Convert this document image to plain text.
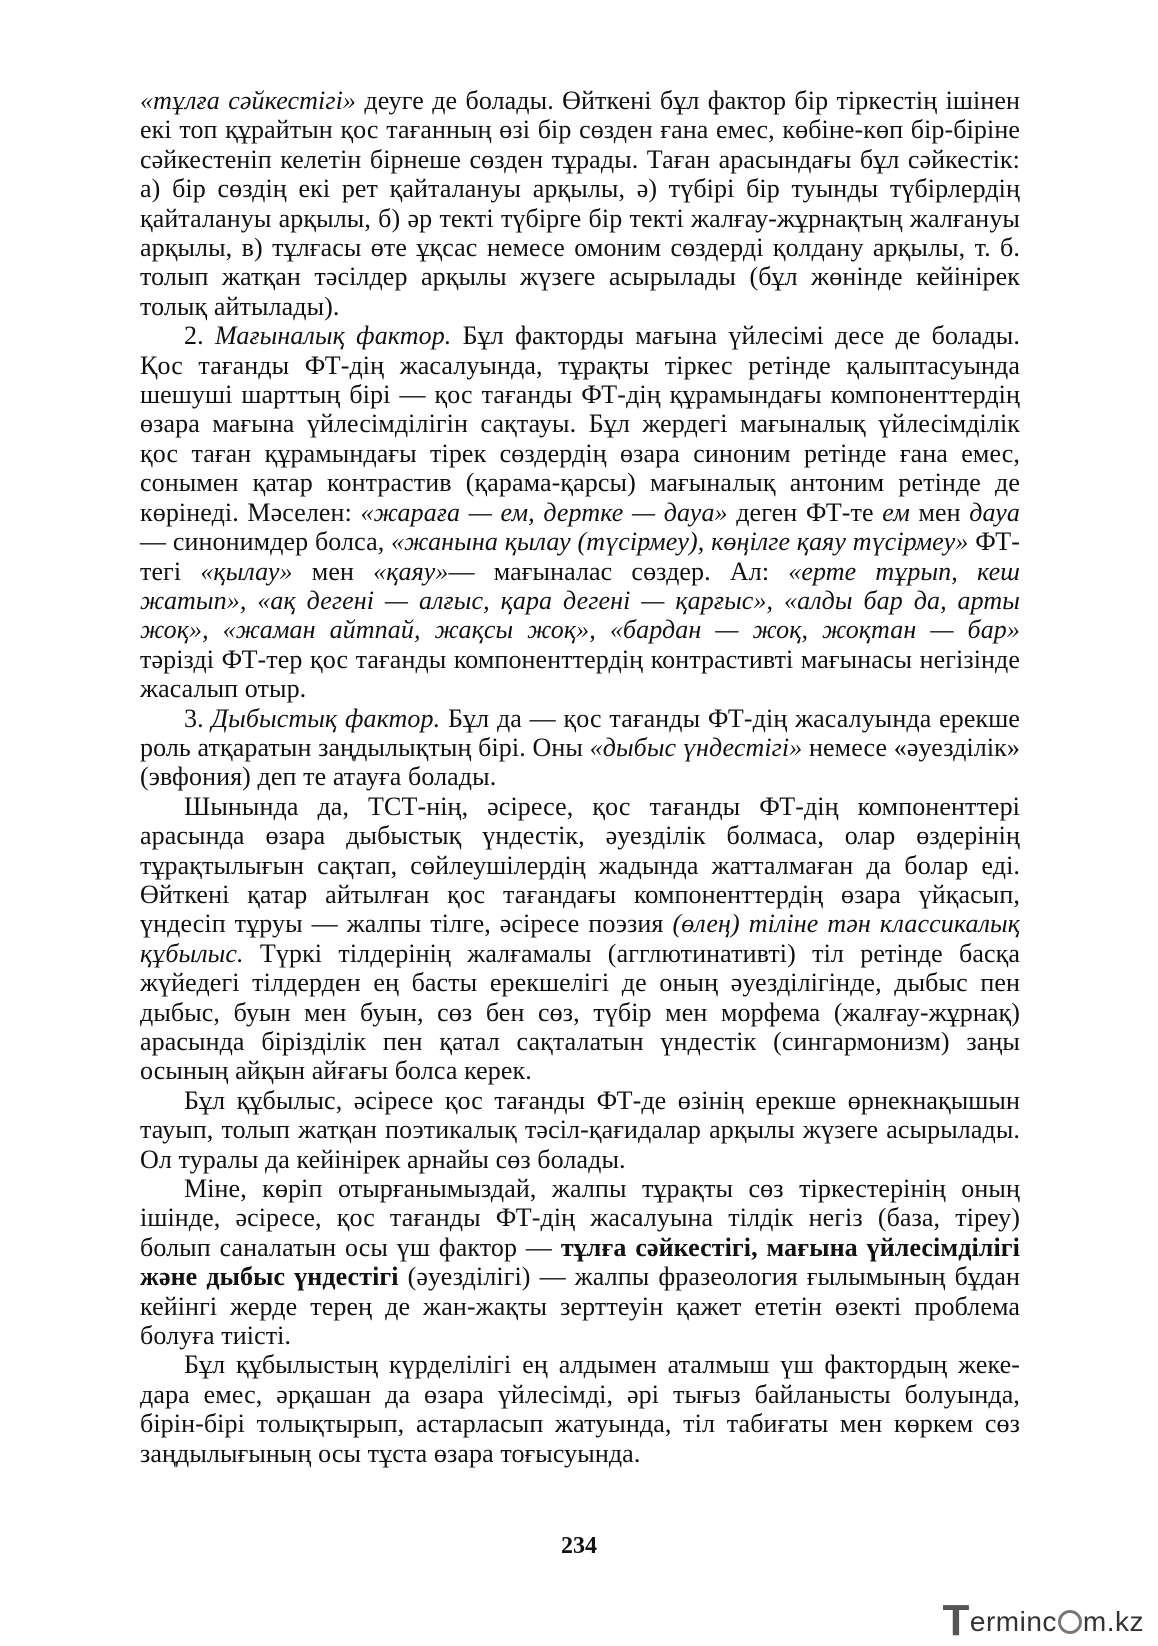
«тұлға сәйкестігі» деуге де болады. Өйткені бұл фактор бір тіркестің ішінен екі топ құрайтын қос тағанның өзі бір сөзден ғана емес, көбіне-көп бір-біріне сәйкестеніп келетін бірнеше сөзден тұрады. Таған арасындағы бұл сәйкестік: а) бір сөздің екі рет қайталануы арқылы, ә) түбірі бір туынды түбірлердің қайталануы арқылы, б) әр текті түбірге бір текті жалғау-жұрнақтың жалғануы арқылы, в) тұлғасы өте ұқсас немесе омоним сөздерді қолдану арқылы, т. б. толып жатқан тәсілдер арқылы жүзеге асырылады (бұл жөнінде кейінірек толық айтылады).

2. Мағыналық фактор. Бұл факторды мағына үйлесімі десе де болады. Қос тағанды ФТ-дің жасалуында, тұрақты тіркес ретінде қалыптасуында шешуші шарттың бірі — қос тағанды ФТ-дің құрамындағы компоненттердің өзара мағына үйлесімділігін сақтауы. Бұл жердегі мағыналық үйлесімділік қос таған құрамындағы тірек сөздердің өзара синоним ретінде ғана емес, сонымен қатар контрастив (қарама-қарсы) мағыналық антоним ретінде де көрінеді. Мәселен: «жараға — ем, дертке — дауа» деген ФТ-те ем мен дауа — синонимдер болса, «жанына қылау (түсірмеу), көңілге қаяу түсірмеу» ФТ-тегі «қылау» мен «қаяу»— мағыналас сөздер. Ал: «ерте тұрып, кеш жатып», «ақ дегені — алғыс, қара дегені — қарғыс», «алды бар да, арты жоқ», «жаман айтпай, жақсы жоқ», «бардан — жоқ, жоқтан — бар» тәрізді ФТ-тер қос тағанды компоненттердің контрастивті мағынасы негізінде жасалып отыр.

3. Дыбыстық фактор. Бұл да — қос тағанды ФТ-дің жасалуында ерекше роль атқаратын заңдылықтың бірі. Оны «дыбыс үндестігі» немесе «әуезділік» (эвфония) деп те атауға болады.

Шынында да, ТСТ-нің, әсіресе, қос тағанды ФТ-дің компоненттері арасында өзара дыбыстық үндестік, әуезділік болмаса, олар өздерінің тұрақтылығын сақтап, сөйлеушілердің жадында жатталмаған да болар еді. Өйткені қатар айтылған қос тағандағы компоненттердің өзара үйқасып, үндесіп тұруы — жалпы тілге, әсіресе поэзия (өлең) тіліне тән классикалық құбылыс. Түркі тілдерінің жалғамалы (агглютинативті) тіл ретінде басқа жүйедегі тілдерден ең басты ерекшелігі де оның әуезділігінде, дыбыс пен дыбыс, буын мен буын, сөз бен сөз, түбір мен морфема (жалғау-жұрнақ) арасында бірізділік пен қатал сақталатын үндестік (сингармонизм) заңы осының айқын айғағы болса керек.

Бұл құбылыс, әсіресе қос тағанды ФТ-де өзінің ерекше өрнекнақышын тауып, толып жатқан поэтикалық тәсіл-қағидалар арқылы жүзеге асырылады. Ол туралы да кейінірек арнайы сөз болады.

Міне, көріп отырғанымыздай, жалпы тұрақты сөз тіркестерінің оның ішінде, әсіресе, қос тағанды ФТ-дің жасалуына тілдік негіз (база, тіреу) болып саналатын осы үш фактор — тұлға сәйкестігі, мағына үйлесімділігі және дыбыс үндестігі (әуезділігі) — жалпы фразеология ғылымының бұдан кейінгі жерде терең де жан-жақты зерттеуін қажет ететін өзекті проблема болуға тиісті.

Бұл құбылыстың күрделілігі ең алдымен аталмыш үш фактордың жеке-дара емес, әрқашан да өзара үйлесімді, әрі тығыз байланысты болуында, бірін-бірі толықтырып, астарласып жатуында, тіл табиғаты мен көркем сөз заңдылығының осы тұста өзара тоғысуында.

234
Terminc m.kz
